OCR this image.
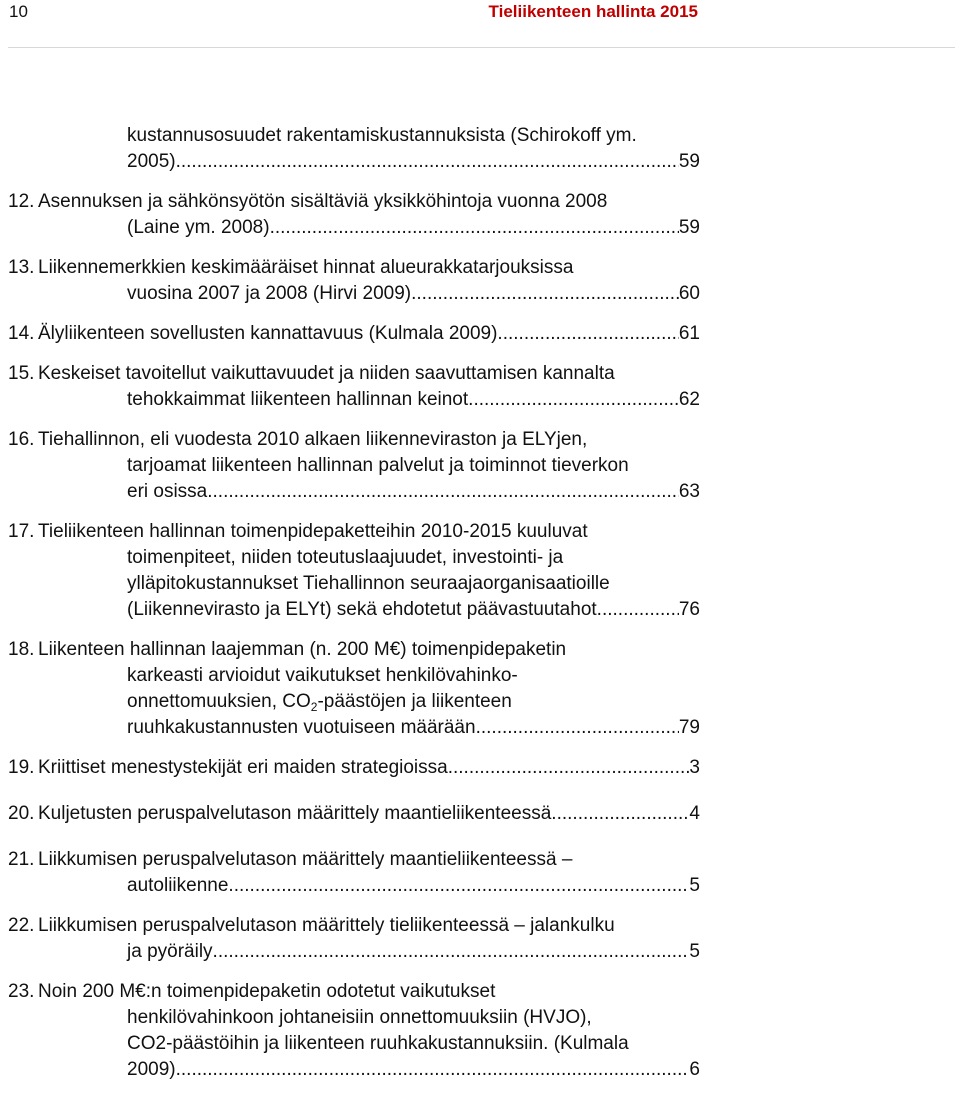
10	Tieliikenteen hallinta 2015
kustannusosuudet rakentamiskustannuksista (Schirokoff ym.
2005). .....	59
12. Asennuksen ja sähkönsyötön sisältäviä yksikköhintoja vuonna 2008
(Laine ym. 2008). .....	59
13. Liikennemerkkien keskimääräiset hinnat alueurakkatarjouksissa
vuosina 2007 ja 2008 (Hirvi 2009). .....	60
14. Älyliikenteen sovellusten kannattavuus (Kulmala 2009). .....	61
15. Keskeiset tavoitellut vaikuttavuudet ja niiden saavuttamisen kannalta
tehokkaimmat liikenteen hallinnan keinot. .....	62
16. Tiehallinnon, eli vuodesta 2010 alkaen liikenneviraston ja ELYjen,
tarjoamat liikenteen hallinnan palvelut ja toiminnot tieverkon
eri osissa. .....	63
17. Tieliikenteen hallinnan toimenpidepaketteihin 2010-2015 kuuluvat
toimenpiteet, niiden toteutuslaajuudet, investointi- ja
ylläpitokustannukset Tiehallinnon seuraajaorganisaatioille
(Liikennevirasto ja ELYt) sekä ehdotetut päävastuutahot .....	76
18. Liikenteen hallinnan laajemman (n. 200 M€) toimenpidepaketin
karkeasti arvioidut vaikutukset henkilövahinko-
onnettomuuksien, $CO_2$-päästöjen ja liikenteen
ruuhkakustannusten vuotuiseen määrään. .....	79
19. Kriittiset menestystekijät eri maiden strategioissa .....	3
20. Kuljetusten peruspalvelutason määrittely maantieliikenteessä .....	4
21. Liikkumisen peruspalvelutason määrittely maantieliikenteessä –
autoliikenne .....	5
22. Liikkumisen peruspalvelutason määrittely tieliikenteessä – jalankulku
ja pyöräily .....	5
23. Noin 200 M€:n toimenpidepaketin odotetut vaikutukset
henkilövahinkoon johtaneisiin onnettomuuksiin (HVJO),
CO2-päästöihin ja liikenteen ruuhkakustannuksiin. (Kulmala
2009) .....	6
